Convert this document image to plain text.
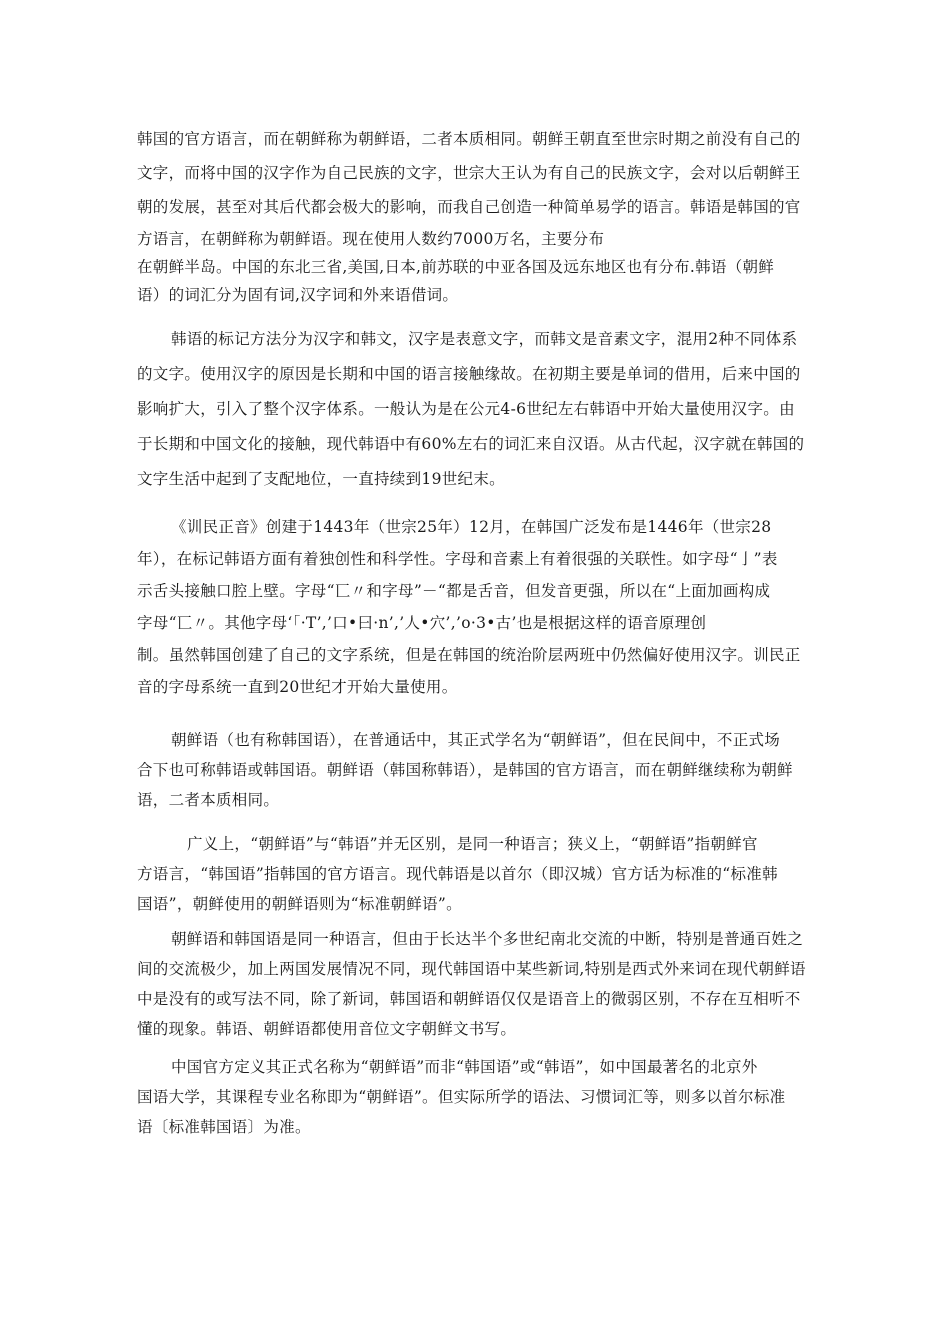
韩国的官方语言，而在朝鲜称为朝鲜语，二者本质相同。朝鲜王朝直至世宗时期之前没有自己的
文字，而将中国的汉字作为自己民族的文字，世宗大王认为有自己的民族文字，会对以后朝鲜王
朝的发展，甚至对其后代都会极大的影响，而我自己创造一种简单易学的语言。韩语是韩国的官
方语言，在朝鲜称为朝鲜语。现在使用人数约7000万名，主要分布
在朝鲜半岛。中国的东北三省,美国,日本,前苏联的中亚各国及远东地区也有分布.韩语（朝鲜
语）的词汇分为固有词,汉字词和外来语借词。
韩语的标记方法分为汉字和韩文，汉字是表意文字，而韩文是音素文字，混用2种不同体系
的文字。使用汉字的原因是长期和中国的语言接触缘故。在初期主要是单词的借用，后来中国的
影响扩大，引入了整个汉字体系。一般认为是在公元4-6世纪左右韩语中开始大量使用汉字。由
于长期和中国文化的接触，现代韩语中有60%左右的词汇来自汉语。从古代起，汉字就在韩国的
文字生活中起到了支配地位，一直持续到19世纪末。
《训民正音》创建于1443年（世宗25年）12月，在韩国广泛发布是1446年（世宗28
年），在标记韩语方面有着独创性和科学性。字母和音素上有着很强的关联性。如字母“亅”表
示舌头接触口腔上壁。字母“匸〃和字母”－“都是舌音，但发音更强，所以在“上面加画构成
字母“匸〃。其他字母‘「·T’,’口•曰·n’,’人•穴’,’o·3•古’也是根据这样的语音原理创
制。虽然韩国创建了自己的文字系统，但是在韩国的统治阶层两班中仍然偏好使用汉字。训民正
音的字母系统一直到20世纪才开始大量使用。
朝鲜语（也有称韩国语），在普通话中，其正式学名为“朝鲜语”，但在民间中，不正式场
合下也可称韩语或韩国语。朝鲜语（韩国称韩语），是韩国的官方语言，而在朝鲜继续称为朝鲜
语，二者本质相同。
广义上，“朝鲜语”与“韩语”并无区别，是同一种语言；狭义上，“朝鲜语”指朝鲜官
方语言，“韩国语”指韩国的官方语言。现代韩语是以首尔（即汉城）官方话为标准的“标准韩
国语”，朝鲜使用的朝鲜语则为“标准朝鲜语”。
朝鲜语和韩国语是同一种语言，但由于长达半个多世纪南北交流的中断，特别是普通百姓之
间的交流极少，加上两国发展情况不同，现代韩国语中某些新词,特别是西式外来词在现代朝鲜语
中是没有的或写法不同，除了新词，韩国语和朝鲜语仅仅是语音上的微弱区别，不存在互相听不
懂的现象。韩语、朝鲜语都使用音位文字朝鲜文书写。
中国官方定义其正式名称为“朝鲜语”而非“韩国语”或“韩语”，如中国最著名的北京外
国语大学，其课程专业名称即为“朝鲜语”。但实际所学的语法、习惯词汇等，则多以首尔标准
语〔标准韩国语〕为准。
